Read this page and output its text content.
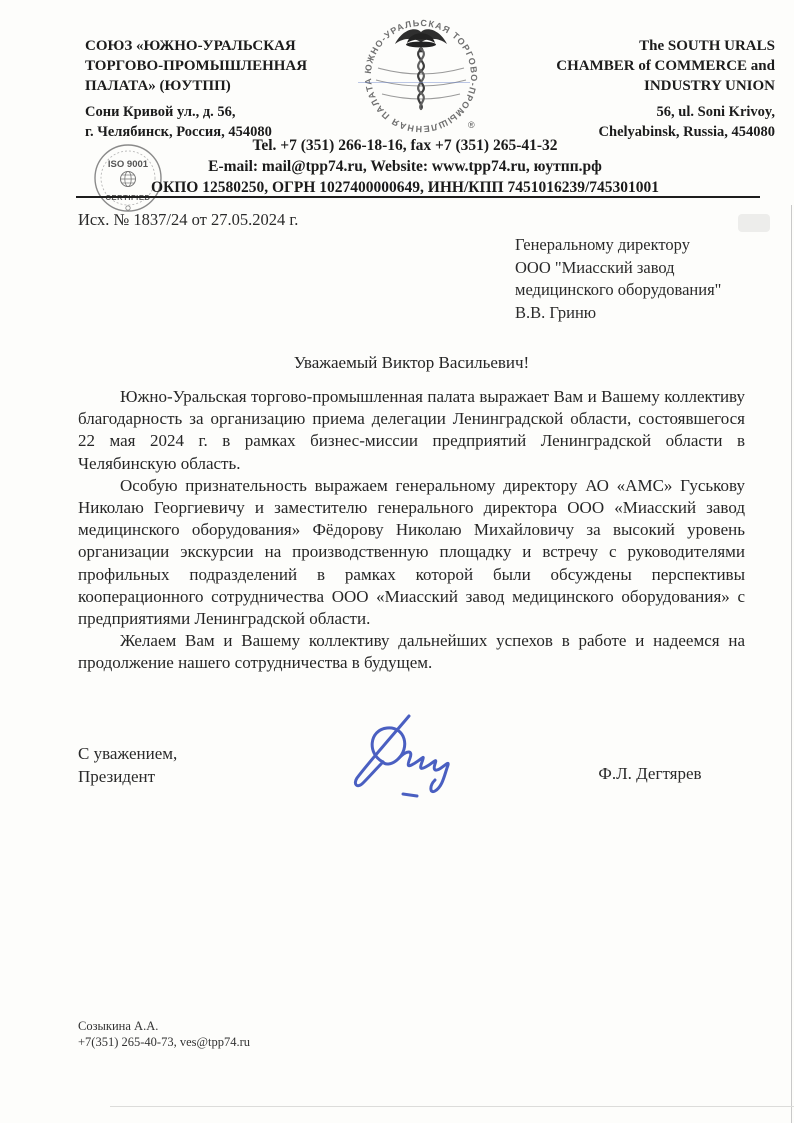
СОЮЗ «ЮЖНО-УРАЛЬСКАЯ
ТОРГОВО-ПРОМЫШЛЕННАЯ
ПАЛАТА» (ЮУТПП)
Сони Кривой ул., д. 56,
г. Челябинск, Россия, 454080
ЮЖНО-УРАЛЬСКАЯ ТОРГОВО-ПРОМЫШЛЕННАЯ ПАЛАТА
®
The SOUTH URALS
CHAMBER of COMMERCE and
INDUSTRY UNION
56, ul. Soni Krivoy,
Chelyabinsk, Russia, 454080
ISO 9001
Tel. +7 (351) 266-18-16, fax +7 (351) 265-41-32
E-mail: mail@tpp74.ru, Website: www.tpp74.ru, юутпп.рф
ОКПО 12580250, ОГРН 1027400000649, ИНН/КПП 7451016239/745301001
Исх. № 1837/24 от 27.05.2024 г.
Генеральному директору
ООО "Миасский завод
медицинского оборудования"
В.В. Гриню
Уважаемый Виктор Васильевич!

Южно-Уральская торгово-промышленная палата выражает Вам и Вашему коллективу благодарность за организацию приема делегации Ленинградской области, состоявшегося 22 мая 2024 г. в рамках бизнес-миссии предприятий Ленинградской области в Челябинскую область.

Особую признательность выражаем генеральному директору АО «АМС» Гуськову Николаю Георгиевичу и заместителю генерального директора ООО «Миасский завод медицинского оборудования» Фёдорову Николаю Михайловичу за высокий уровень организации экскурсии на производственную площадку и встречу с руководителями профильных подразделений в рамках которой были обсуждены перспективы кооперационного сотрудничества ООО «Миасский завод медицинского оборудования» с предприятиями Ленинградской области.

Желаем Вам и Вашему коллективу дальнейших успехов в работе и надеемся на продолжение нашего сотрудничества в будущем.

С уважением,
Президент	Ф.Л. Дегтярев
Созыкина А.А.
+7(351) 265-40-73, ves@tpp74.ru
